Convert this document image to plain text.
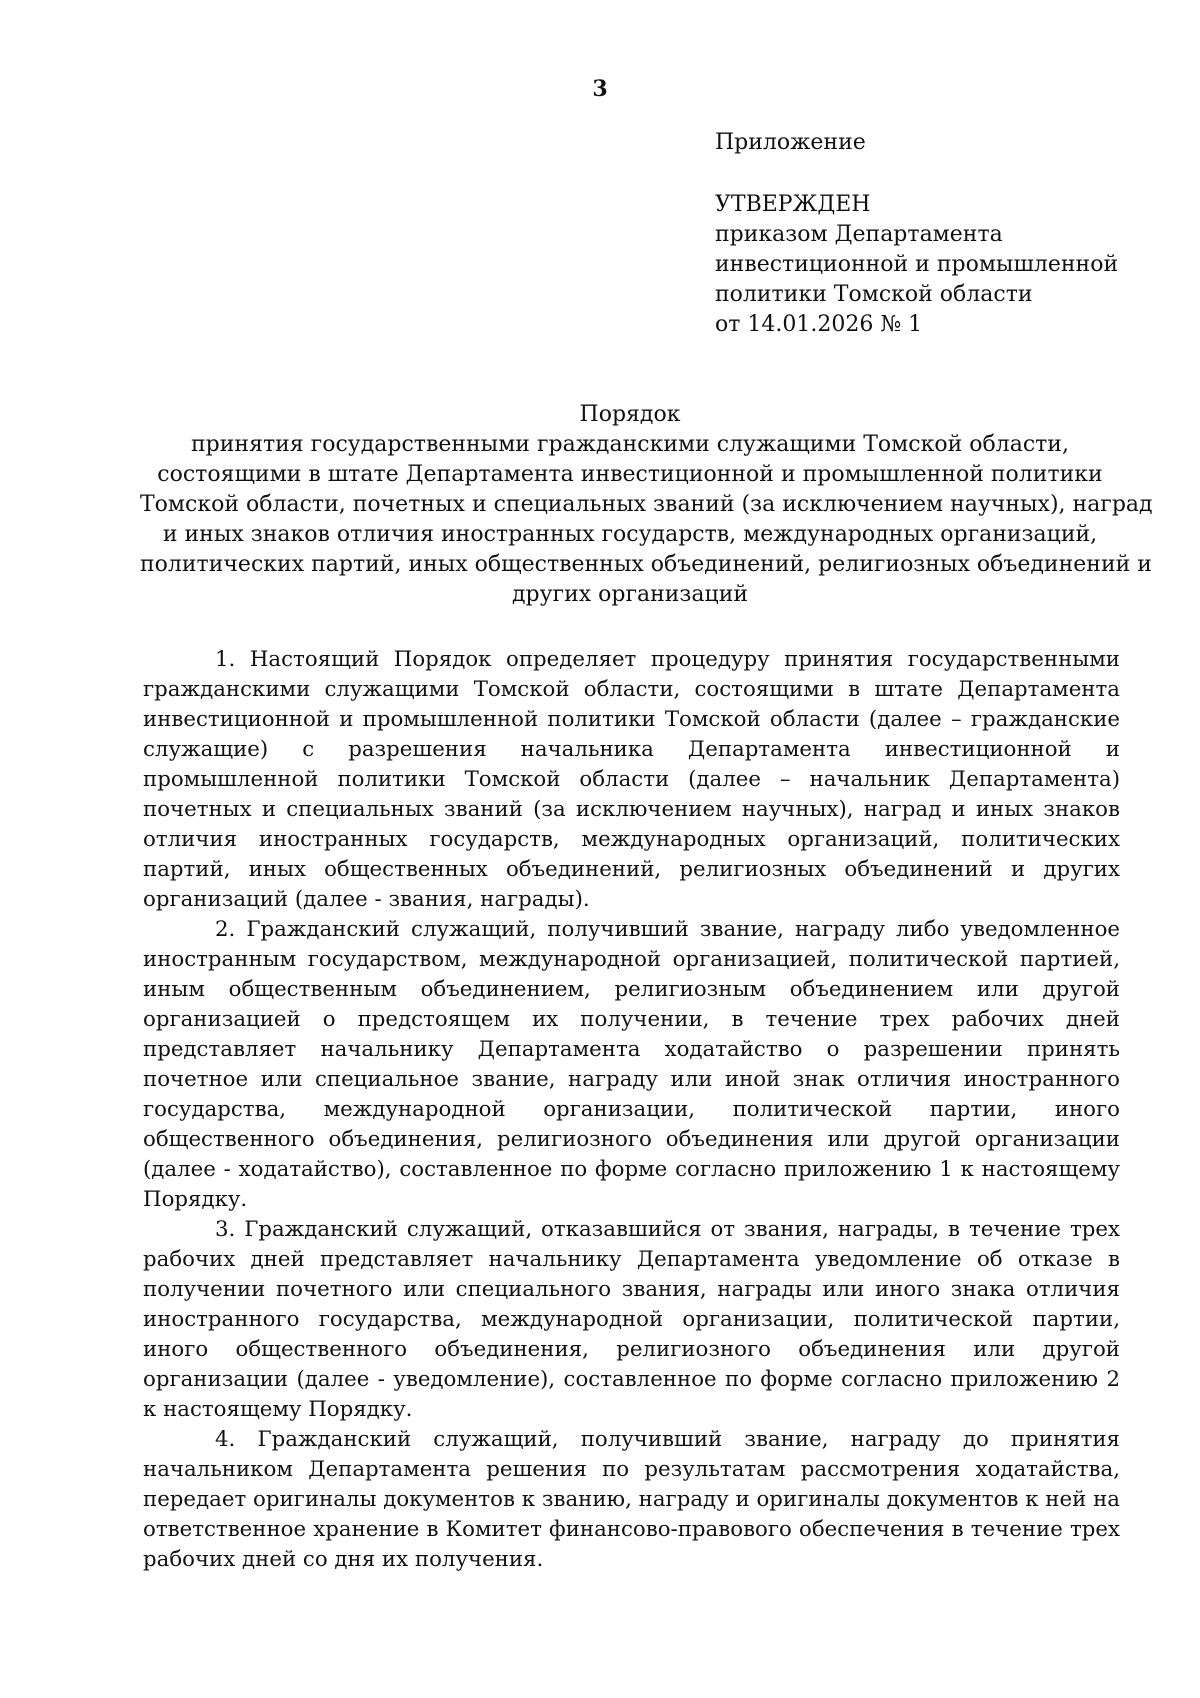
3
Приложение
УТВЕРЖДЕН
приказом Департамента
инвестиционной и промышленной
политики Томской области
от 14.01.2026 № 1
Порядок
принятия государственными гражданскими служащими Томской области,
состоящими в штате Департамента инвестиционной и промышленной политики
Томской области, почетных и специальных званий (за исключением научных), наград
и иных знаков отличия иностранных государств, международных организаций,
политических партий, иных общественных объединений, религиозных объединений и
других организаций

1. Настоящий Порядок определяет процедуру принятия государственными гражданскими служащими Томской области, состоящими в штате Департамента инвестиционной и промышленной политики Томской области (далее – гражданские служащие) с разрешения начальника Департамента инвестиционной и промышленной политики Томской области (далее – начальник Департамента) почетных и специальных званий (за исключением научных), наград и иных знаков отличия иностранных государств, международных организаций, политических партий, иных общественных объединений, религиозных объединений и других организаций (далее - звания, награды).

2. Гражданский служащий, получивший звание, награду либо уведомленное иностранным государством, международной организацией, политической партией, иным общественным объединением, религиозным объединением или другой организацией о предстоящем их получении, в течение трех рабочих дней представляет начальнику Департамента ходатайство о разрешении принять почетное или специальное звание, награду или иной знак отличия иностранного государства, международной организации, политической партии, иного общественного объединения, религиозного объединения или другой организации (далее - ходатайство), составленное по форме согласно приложению 1 к настоящему Порядку.

3. Гражданский служащий, отказавшийся от звания, награды, в течение трех рабочих дней представляет начальнику Департамента уведомление об отказе в получении почетного или специального звания, награды или иного знака отличия иностранного государства, международной организации, политической партии, иного общественного объединения, религиозного объединения или другой организации (далее - уведомление), составленное по форме согласно приложению 2 к настоящему Порядку.

4. Гражданский служащий, получивший звание, награду до принятия начальником Департамента решения по результатам рассмотрения ходатайства, передает оригиналы документов к званию, награду и оригиналы документов к ней на ответственное хранение в Комитет финансово-правового обеспечения в течение трех рабочих дней со дня их получения.
